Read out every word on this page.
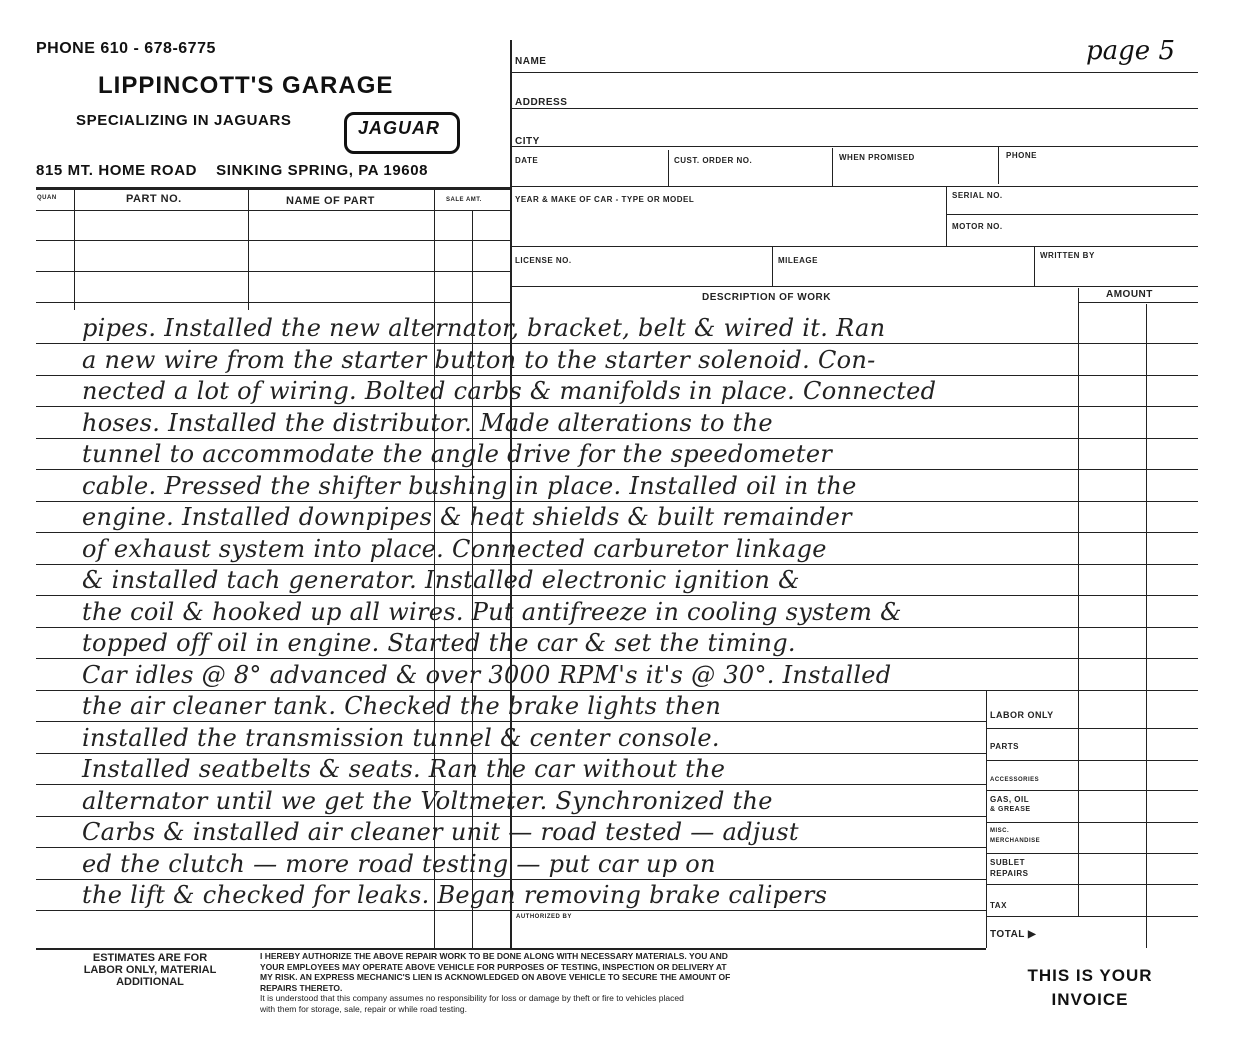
PHONE 610 - 678-6775
LIPPINCOTT'S GARAGE
SPECIALIZING IN JAGUARS	JAGUAR
815 MT. HOME ROAD    SINKING SPRING, PA 19608
page 5
QUAN	PART NO.	NAME OF PART	SALE AMT.
NAME
ADDRESS
CITY
DATE	CUST. ORDER NO.	WHEN PROMISED	PHONE
YEAR & MAKE OF CAR - TYPE OR MODEL	SERIAL NO.
MOTOR NO.
LICENSE NO.	MILEAGE
WRITTEN BY
DESCRIPTION OF WORK	AMOUNT
pipes. Installed the new alternator, bracket, belt & wired it. Ran
a new wire from the starter button to the starter solenoid. Con-
nected a lot of wiring. Bolted carbs & manifolds in place. Connected
hoses. Installed the distributor. Made alterations to the
tunnel to accommodate the angle drive for the speedometer
cable. Pressed the shifter bushing in place. Installed oil in the
engine. Installed downpipes & heat shields & built remainder
of exhaust system into place. Connected carburetor linkage
& installed tach generator. Installed electronic ignition &
the coil & hooked up all wires. Put antifreeze in cooling system &
topped off oil in engine. Started the car & set the timing.
Car idles @ 8° advanced & over 3000 RPM's it's @ 30°. Installed
the air cleaner tank. Checked the brake lights then
installed the transmission tunnel & center console.
Installed seatbelts & seats. Ran the car without the
alternator until we get the Voltmeter. Synchronized the
Carbs & installed air cleaner unit — road tested — adjust
ed the clutch — more road testing — put car up on
the lift & checked for leaks. Began removing brake calipers
LABOR ONLY
PARTS
ACCESSORIES
GAS, OIL
& GREASE
MISC.
MERCHANDISE
SUBLET
REPAIRS
TAX
TOTAL ▶
AUTHORIZED BY
ESTIMATES ARE FOR
LABOR ONLY, MATERIAL
ADDITIONAL
I HEREBY AUTHORIZE THE ABOVE REPAIR WORK TO BE DONE ALONG WITH NECESSARY MATERIALS. YOU AND
YOUR EMPLOYEES MAY OPERATE ABOVE VEHICLE FOR PURPOSES OF TESTING, INSPECTION OR DELIVERY AT
MY RISK. AN EXPRESS MECHANIC'S LIEN IS ACKNOWLEDGED ON ABOVE VEHICLE TO SECURE THE AMOUNT OF
REPAIRS THERETO.
It is understood that this company assumes no responsibility for loss or damage by theft or fire to vehicles placed
with them for storage, sale, repair or while road testing.
THIS IS YOUR
INVOICE
